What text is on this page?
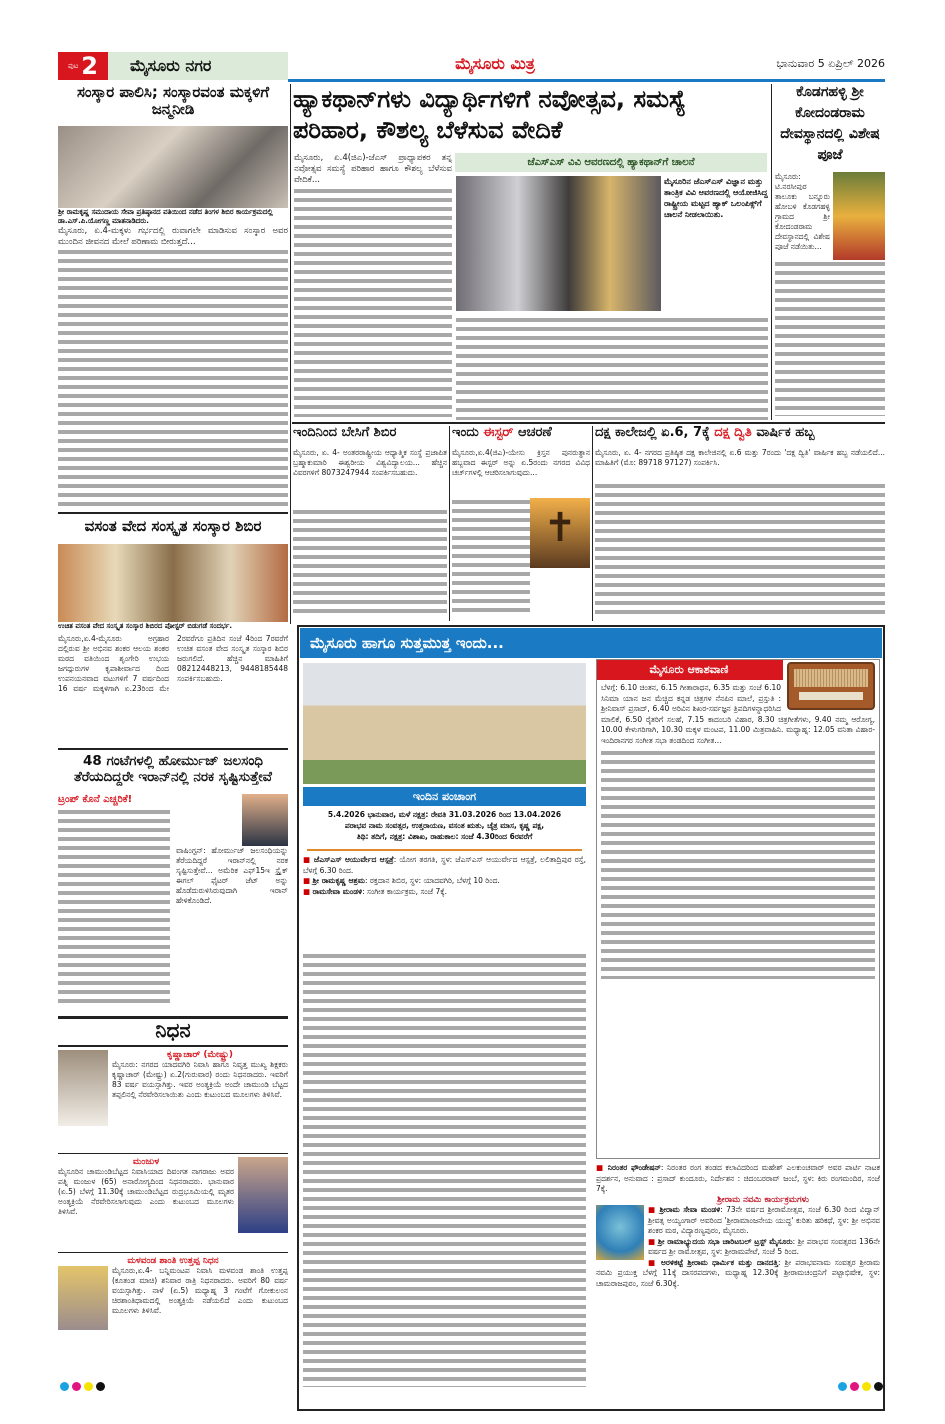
ಪುಟ 2	ಮೈಸೂರು ನಗರ	ಮೈಸೂರು ಮಿತ್ರ	ಭಾನುವಾರ 5 ಏಪ್ರಿಲ್ 2026
ಸಂಸ್ಕಾರ ಪಾಲಿಸಿ; ಸಂಸ್ಕಾರವಂತ ಮಕ್ಕಳಿಗೆ ಜನ್ಮನೀಡಿ
ಶ್ರೀ ರಾಮಕೃಷ್ಣ ಸಮುದಾಯ ಸೇವಾ ಪ್ರತಿಷ್ಠಾನದ ವತಿಯಿಂದ ನಡೆದ ತಿಂಗಳ ಶಿಬಿರ ಕಾರ್ಯಕ್ರಮದಲ್ಲಿ ಡಾ.ಎಸ್.ಪಿ.ಯೋಗಣ್ಣ ಮಾತನಾಡಿದರು.
ಮೈಸೂರು, ಏ.4-ಮಕ್ಕಳು ಗರ್ಭದಲ್ಲಿ ರುವಾಗಲೇ ಮಾಡಿಸುವ ಸಂಸ್ಕಾರ ಅವರ ಮುಂದಿನ ಜೀವನದ ಮೇಲೆ ಪರಿಣಾಮ ಬೀರುತ್ತದೆ...
ವಸಂತ ವೇದ ಸಂಸ್ಕೃತ ಸಂಸ್ಕಾರ ಶಿಬಿರ
ಉಚಿತ ವಸಂತ ವೇದ ಸಂಸ್ಕೃತ ಸಂಸ್ಕಾರ ಶಿಬಿರದ ಪೋಸ್ಟರ್ ಬಿಡುಗಡೆ ಸಂದರ್ಭ.
ಮೈಸೂರು,ಏ.4-ಮೈಸೂರು ಅಗ್ರಹಾರ ದಲ್ಲಿರುವ ಶ್ರೀ ಅಭಿನವ ಶಂಕರ ಆಲಯ ಶಂಕರ ಮಠದ ವತಿಯಿಂದ ಶೃಂಗೇರಿ ಉಭಯ ಜಗದ್ಗುರುಗಳ ಕೃಪಾಶೀರ್ವಾದ ದಿಂದ ಉಪನಯನವಾದ ವಟುಗಳಿಗೆ 7 ವರ್ಷದಿಂದ 16 ವರ್ಷ ಮಕ್ಕಳಿಗಾಗಿ ಏ.23ರಿಂದ ಮೇ 2ರವರೆಗೂ ಪ್ರತಿದಿನ ಸಂಜೆ 4ರಿಂದ 7ರವರೆಗೆ ಉಚಿತ ವಸಂತ ವೇದ ಸಂಸ್ಕೃತ ಸಂಸ್ಕಾರ ಶಿಬಿರ ಜರುಗಲಿದೆ. ಹೆಚ್ಚಿನ ಮಾಹಿತಿಗೆ 08212448213, 9448185448 ಸಂಪರ್ಕಿಸಬಹುದು.
48 ಗಂಟೆಗಳಲ್ಲಿ ಹೋರ್ಮುಜ್ ಜಲಸಂಧಿ ತೆರೆಯದಿದ್ದರೇ ಇರಾನ್‌ನಲ್ಲಿ ನರಕ ಸೃಷ್ಟಿಸುತ್ತೇವೆ
ಟ್ರಂಪ್ ಕೊನೆ ಎಚ್ಚರಿಕೆ!
ವಾಷಿಂಗ್ಟನ್: ಹೋರ್ಮುಜ್ ಜಲಸಂಧಿಯನ್ನು ತೆರೆಯದಿದ್ದರೆ ಇರಾನ್‌ನಲ್ಲಿ ನರಕ ಸೃಷ್ಟಿಸುತ್ತೇವೆ... ಅಮೆರಿಕ ಎಫ್15ಇ ಸ್ಟ್ರೈಕ್ ಈಗಲ್ ಫೈಟರ್ ಜೆಟ್ ಅನ್ನು ಹೊಡೆದುರುಳಿಸಿರುವುದಾಗಿ ಇರಾನ್ ಹೇಳಿಕೊಂಡಿದೆ.
ನಿಧನ
ಕೃಷ್ಣಾಚಾರ್ (ಮೇಷ್ಟ್ರು)
ಮೈಸೂರು: ನಗರದ ಯಾದವಗಿರಿ ನಿವಾಸಿ ಹಾಗೂ ನಿವೃತ್ತ ಮುಖ್ಯ ಶಿಕ್ಷಕರು ಕೃಷ್ಣಾಚಾರ್ (ಮೇಷ್ಟ್ರು) ಏ.2(ಗುರುವಾರ) ರಂದು ನಿಧನರಾದರು. ಇವರಿಗೆ 83 ವರ್ಷ ವಯಸ್ಸಾಗಿತ್ತು. ಇವರ ಅಂತ್ಯಕ್ರಿಯೆ ಅಂದೇ ಚಾಮುಂಡಿ ಬೆಟ್ಟದ ತಪ್ಪಲಿನಲ್ಲಿ ನೆರವೇರಿಸಲಾಯಿತು ಎಂದು ಕುಟುಂಬದ ಮೂಲಗಳು ತಿಳಿಸಿವೆ.
ಮಂಜುಳ
ಮೈಸೂರಿನ ಚಾಮುಂಡಿಬೆಟ್ಟದ ನಿವಾಸಿಯಾದ ದಿವಂಗತ ನಾಗರಾಜು ಅವರ ಪತ್ನಿ ಮಂಜುಳ (65) ಅನಾರೋಗ್ಯದಿಂದ ನಿಧನರಾದರು. ಭಾನುವಾರ (ಏ.5) ಬೆಳಗ್ಗೆ 11.30ಕ್ಕೆ ಚಾಮುಂಡಿಬೆಟ್ಟದ ರುದ್ರಭೂಮಿಯಲ್ಲಿ ಮೃತರ ಅಂತ್ಯಕ್ರಿಯೆ ನೆರವೇರಿಸಲಾಗುವುದು ಎಂದು ಕುಟುಂಬದ ಮೂಲಗಳು ತಿಳಿಸಿವೆ.
ಮಳವಂಡ ಶಾಂತಿ ಉತ್ತಪ್ಪ ನಿಧನ
ಮೈಸೂರು,ಏ.4- ಬನ್ನಿಮಂಟಪ ನಿವಾಸಿ ಮಳವಂಡ ಶಾಂತಿ ಉತ್ತಪ್ಪ (ಕೂತಂಡ ಮಾಚಿ) ಶನಿವಾರ ರಾತ್ರಿ ನಿಧನರಾದರು. ಅವರಿಗೆ 80 ವರ್ಷ ವಯಸ್ಸಾಗಿತ್ತು. ನಾಳೆ (ಏ.5) ಮಧ್ಯಾಹ್ನ 3 ಗಂಟೆಗೆ ಗೋಕುಲಂನ ಚಿರಶಾಂತಿಧಾಮದಲ್ಲಿ ಅಂತ್ಯಕ್ರಿಯೆ ನಡೆಯಲಿದೆ ಎಂದು ಕುಟುಂಬದ ಮೂಲಗಳು ತಿಳಿಸಿವೆ.
ಹ್ಯಾಕಥಾನ್‌ಗಳು ವಿದ್ಯಾರ್ಥಿಗಳಿಗೆ ನವೋತ್ಸವ, ಸಮಸ್ಯೆ ಪರಿಹಾರ, ಕೌಶಲ್ಯ ಬೆಳೆಸುವ ವೇದಿಕೆ
ಮೈಸೂರು, ಏ.4(ಜಿಎ)-ಜೆಎಸ್ ಪ್ರಾಧ್ಯಾಪಕರ ತನ್ನ ನವೋತ್ಸವ ಸಮಸ್ಯೆ ಪರಿಹಾರ ಹಾಗೂ ಕೌಶಲ್ಯ ಬೆಳೆಸುವ ವೇದಿಕೆ...
ಜೆಎಸ್‌ಎಸ್ ವಿವಿ ಆವರಣದಲ್ಲಿ ಹ್ಯಾಕಥಾನ್‌ಗೆ ಚಾಲನೆ
ಮೈಸೂರಿನ ಜೆಎಸ್‌ಎಸ್ ವಿಜ್ಞಾನ ಮತ್ತು ತಾಂತ್ರಿಕ ವಿವಿ ಆವರಣದಲ್ಲಿ ಆಯೋಜಿಸಿದ್ದ ರಾಷ್ಟ್ರೀಯ ಮಟ್ಟದ ಹ್ಯಾಕ್ ಒಲಂಪಿಕ್ಸ್‌ಗೆ ಚಾಲನೆ ನೀಡಲಾಯಿತು.
ಕೊಡಗಹಳ್ಳಿ ಶ್ರೀ ಕೋದಂಡರಾಮ ದೇವಸ್ಥಾನದಲ್ಲಿ ವಿಶೇಷ ಪೂಜೆ
ಮೈಸೂರು: ಟಿ.ನರಸೀಪುರ ತಾಲೂಕು ಬನ್ನೂರು ಹೋಬಳಿ ಕೊಡಗಹಳ್ಳಿ ಗ್ರಾಮದ ಶ್ರೀ ಕೋದಂಡರಾಮ ದೇವಸ್ಥಾನದಲ್ಲಿ ವಿಶೇಷ ಪೂಜೆ ನಡೆಯಿತು...
ಇಂದಿನಿಂದ ಬೇಸಿಗೆ ಶಿಬಿರ
ಮೈಸೂರು, ಏ. 4- ಅಂತರರಾಷ್ಟ್ರೀಯ ಆಧ್ಯಾತ್ಮಿಕ ಸಂಸ್ಥೆ ಪ್ರಜಾಪಿತ ಬ್ರಹ್ಮಾಕುಮಾರಿ ಈಶ್ವರೀಯ ವಿಶ್ವವಿದ್ಯಾಲಯ... ಹೆಚ್ಚಿನ ವಿವರಗಳಿಗೆ 8073247944 ಸಂಪರ್ಕಿಸಬಹುದು.
ಇಂದು ಈಸ್ಟರ್ ಆಚರಣೆ
ಮೈಸೂರು,ಏ.4(ಜಿಎ)-ಯೇಸು ಕ್ರಿಸ್ತನ ಪುನರುತ್ಥಾನ ಹಬ್ಬವಾದ ಈಸ್ಟರ್ ಅನ್ನು ಏ.5ರಂದು ನಗರದ ವಿವಿಧ ಚರ್ಚ್‌ಗಳಲ್ಲಿ ಆಚರಿಸಲಾಗುವುದು...
✝
ದಕ್ಷ ಕಾಲೇಜಲ್ಲಿ ಏ.6, 7ಕ್ಕೆ ದಕ್ಷ ದ್ವಿತಿ ವಾರ್ಷಿಕ ಹಬ್ಬ
ಮೈಸೂರು, ಏ. 4- ನಗರದ ಪ್ರತಿಷ್ಠಿತ ದಕ್ಷ ಕಾಲೇಜಿನಲ್ಲಿ ಏ.6 ಮತ್ತು 7ರಂದು 'ದಕ್ಷ ದ್ವಿತಿ' ವಾರ್ಷಿಕ ಹಬ್ಬ ನಡೆಯಲಿದೆ... ಮಾಹಿತಿಗೆ (ಮೊ: 89718 97127) ಸಂಪರ್ಕಿಸಿ.
ಮೈಸೂರು ಹಾಗೂ ಸುತ್ತಮುತ್ತ ಇಂದು...
ಇಂದಿನ ಪಂಚಾಂಗ
5.4.2026 ಭಾನುವಾರ, ಮಳೆ ನಕ್ಷತ್ರ: ರೇವತಿ 31.03.2026 ರಿಂದ 13.04.2026
ಪರಾಭವ ನಾಮ ಸಂವತ್ಸರ, ಉತ್ತರಾಯಣ, ವಸಂತ ಋತು, ಚೈತ್ರ ಮಾಸ, ಕೃಷ್ಣ ಪಕ್ಷ,
ತಿಥಿ: ತದಿಗೆ, ನಕ್ಷತ್ರ: ವಿಶಾಖ, ರಾಹುಕಾಲ: ಸಂಜೆ 4.30ರಿಂದ 6ರವರೆಗೆ
■ ಜೆಎಸ್‌ಎಸ್ ಆಯುರ್ವೇದ ಆಸ್ಪತ್ರೆ: ಯೋಗ ತರಗತಿ, ಸ್ಥಳ: ಜೆಎಸ್‌ಎಸ್ ಆಯುರ್ವೇದ ಆಸ್ಪತ್ರೆ, ಲಲಿತಾದ್ರಿಪುರ ರಸ್ತೆ, ಬೆಳಗ್ಗೆ 6.30 ರಿಂದ.
■ ಶ್ರೀ ರಾಮಕೃಷ್ಣ ಆಶ್ರಮ: ರಕ್ತದಾನ ಶಿಬಿರ, ಸ್ಥಳ: ಯಾದವಗಿರಿ, ಬೆಳಗ್ಗೆ 10 ರಿಂದ.
■ ರಾಮಸೇವಾ ಮಂಡಳಿ: ಸಂಗೀತ ಕಾರ್ಯಕ್ರಮ, ಸಂಜೆ 7ಕ್ಕೆ.
ಮೈಸೂರು ಆಕಾಶವಾಣಿ
ಬೆಳಗ್ಗೆ: 6.10 ಚಿಂತನ, 6.15 ಗೀತಾರಾಧನ, 6.35 ಮತ್ತು ಸಂಜೆ 6.10 ಸಿನಿಮಾ ಯಾನ ಜನ ಮೆಚ್ಚಿದ ಕನ್ನಡ ಚಿತ್ರಗಳ ನೆನಪಿನ ಮಾಲೆ, ಪ್ರಸ್ತುತಿ : ಶ್ರೀನಿವಾಸ್ ಪ್ರಸಾದ್, 6.40 ಅರಿವಿನ ಶಿಖರ-ಸರ್ವಜ್ಞನ ತ್ರಿಪದಿಗಳನ್ನಾಧರಿಸಿದ ಮಾಲಿಕೆ, 6.50 ರೈತರಿಗೆ ಸಲಹೆ, 7.15 ಕಾದಂಬರಿ ವಿಹಾರ, 8.30 ಚಿತ್ರಗೀತೆಗಳು, 9.40 ನಮ್ಮ ಆರೋಗ್ಯ, 10.00 ಕೇಳುಗರಿಗಾಗಿ, 10.30 ಮಕ್ಕಳ ಮಂಟಪ, 11.00 ಮಿತ್ರವಾಹಿನಿ. ಮಧ್ಯಾಹ್ನ: 12.05 ವನಿತಾ ವಿಹಾರ-ಇಂದಿರಾನಗರ ಸಂಗೀತ ಸಭಾ ತಂಡದಿಂದ ಸಂಗೀತ...
■ ನಿರಂತರ ಫೌಂಡೇಷನ್: ನಿರಂತರ ರಂಗ ತಂಡದ ಕಲಾವಿದರಿಂದ ಮಹೇಶ್ ಎಲಕುಂಚವಾರ್ ಅವರ ಪಾರ್ಟಿ ನಾಟಕ ಪ್ರದರ್ಶನ, ಅನುವಾದ : ಪ್ರಸಾದ್ ಕುಂದೂರು, ನಿರ್ದೇಶನ : ಚಿದಂಬರರಾವ್ ಜಂಬೆ, ಸ್ಥಳ: ಕಿರು ರಂಗಮಂದಿರ, ಸಂಜೆ 7ಕ್ಕೆ.
ಶ್ರೀರಾಮ ನವಮಿ ಕಾರ್ಯಕ್ರಮಗಳು
■ ಶ್ರೀರಾಮ ಸೇವಾ ಮಂಡಳಿ: 73ನೇ ವರ್ಷದ ಶ್ರೀರಾಮೋತ್ಸವ, ಸಂಜೆ 6.30 ರಿಂದ ವಿದ್ವಾನ್ ಶ್ರೀವತ್ಸ ಅಯ್ಯಂಗಾರ್ ಅವರಿಂದ 'ಶ್ರೀರಾಮಾಂಜನೇಯ ಯುದ್ಧ' ಕುರಿತು ಹರಿಕಥೆ, ಸ್ಥಳ: ಶ್ರೀ ಅಭಿನವ ಶಂಕರ ಮಠ, ವಿದ್ಯಾರಣ್ಯಪುರಂ, ಮೈಸೂರು.
■ ಶ್ರೀ ರಾಮಾಭ್ಯುದಯ ಸಭಾ ಚಾರಿಟಬಲ್ ಟ್ರಸ್ಟ್ ಮೈಸೂರು: ಶ್ರೀ ಪರಾಭವ ಸಂವತ್ಸರದ 136ನೇ ವರ್ಷದ ಶ್ರೀ ರಾಮೋತ್ಸವ, ಸ್ಥಳ: ಶ್ರೀರಾಮಪೇಟೆ, ಸಂಜೆ 5 ರಿಂದ.
■ ಅರಳಿಕಟ್ಟೆ ಶ್ರೀರಾಮ ಧಾರ್ಮಿಕ ಮತ್ತು ದಾನದತ್ತಿ: ಶ್ರೀ ಪರಾಭವನಾಮ ಸಂವತ್ಸರ ಶ್ರೀರಾಮ ನವಮಿ ಪ್ರಯುಕ್ತ ಬೆಳಗ್ಗೆ 11ಕ್ಕೆ ದಾಸರಪದಗಳು, ಮಧ್ಯಾಹ್ನ 12.30ಕ್ಕೆ ಶ್ರೀರಾಮಚಂದ್ರನಿಗೆ ಪಟ್ಟಾಭಿಷೇಕ, ಸ್ಥಳ: ಚಾಮರಾಜಪುರಂ, ಸಂಜೆ 6.30ಕ್ಕೆ.
